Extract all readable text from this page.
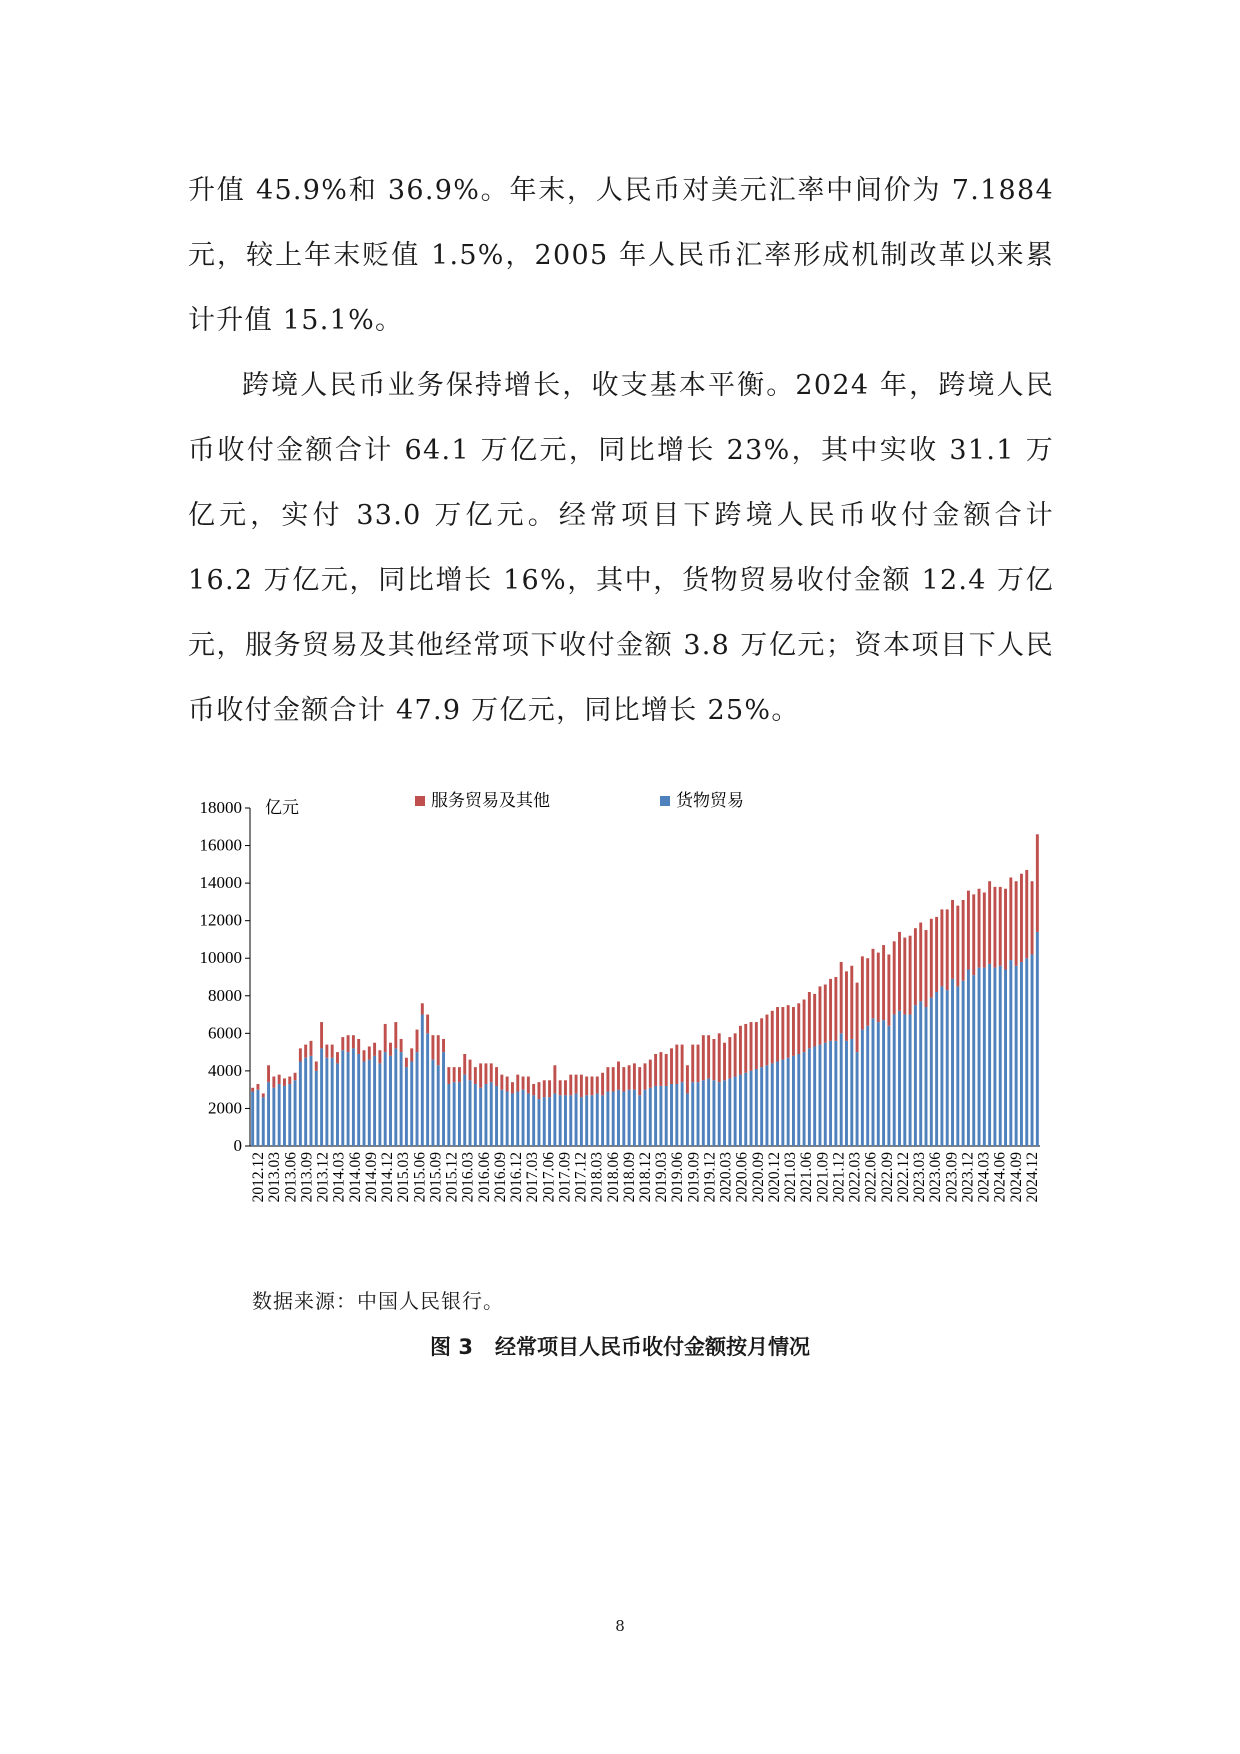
升值 45.9%和 36.9%。年末，人民币对美元汇率中间价为 7.1884 元，较上年末贬值 1.5%，2005 年人民币汇率形成机制改革以来累计升值 15.1%。

跨境人民币业务保持增长，收支基本平衡。2024 年，跨境人民币收付金额合计 64.1 万亿元，同比增长 23%，其中实收 31.1 万亿元，实付 33.0 万亿元。经常项目下跨境人民币收付金额合计 16.2 万亿元，同比增长 16%，其中，货物贸易收付金额 12.4 万亿元，服务贸易及其他经常项下收付金额 3.8 万亿元；资本项目下人民币收付金额合计 47.9 万亿元，同比增长 25%。

0
2000
4000
6000
8000
10000
12000
14000
16000
18000 亿元
2012.12 2013.03 2013.06 2013.09 2013.12 2014.03 2014.06 2014.09 2014.12 2015.03 2015.06 2015.09 2015.12 2016.03 2016.06 2016.09 2016.12 2017.03 2017.06 2017.09 2017.12 2018.03 2018.06 2018.09 2018.12 2019.03 2019.06 2019.09 2019.12 2020.03 2020.06 2020.09 2020.12 2021.03 2021.06 2021.09 2021.12 2022.03 2022.06 2022.09 2022.12 2023.03 2023.06 2023.09 2023.12 2024.03 2024.06 2024.09 2024.12
服务贸易及其他	货物贸易
数据来源：中国人民银行。
图 3 经常项目人民币收付金额按月情况
8
